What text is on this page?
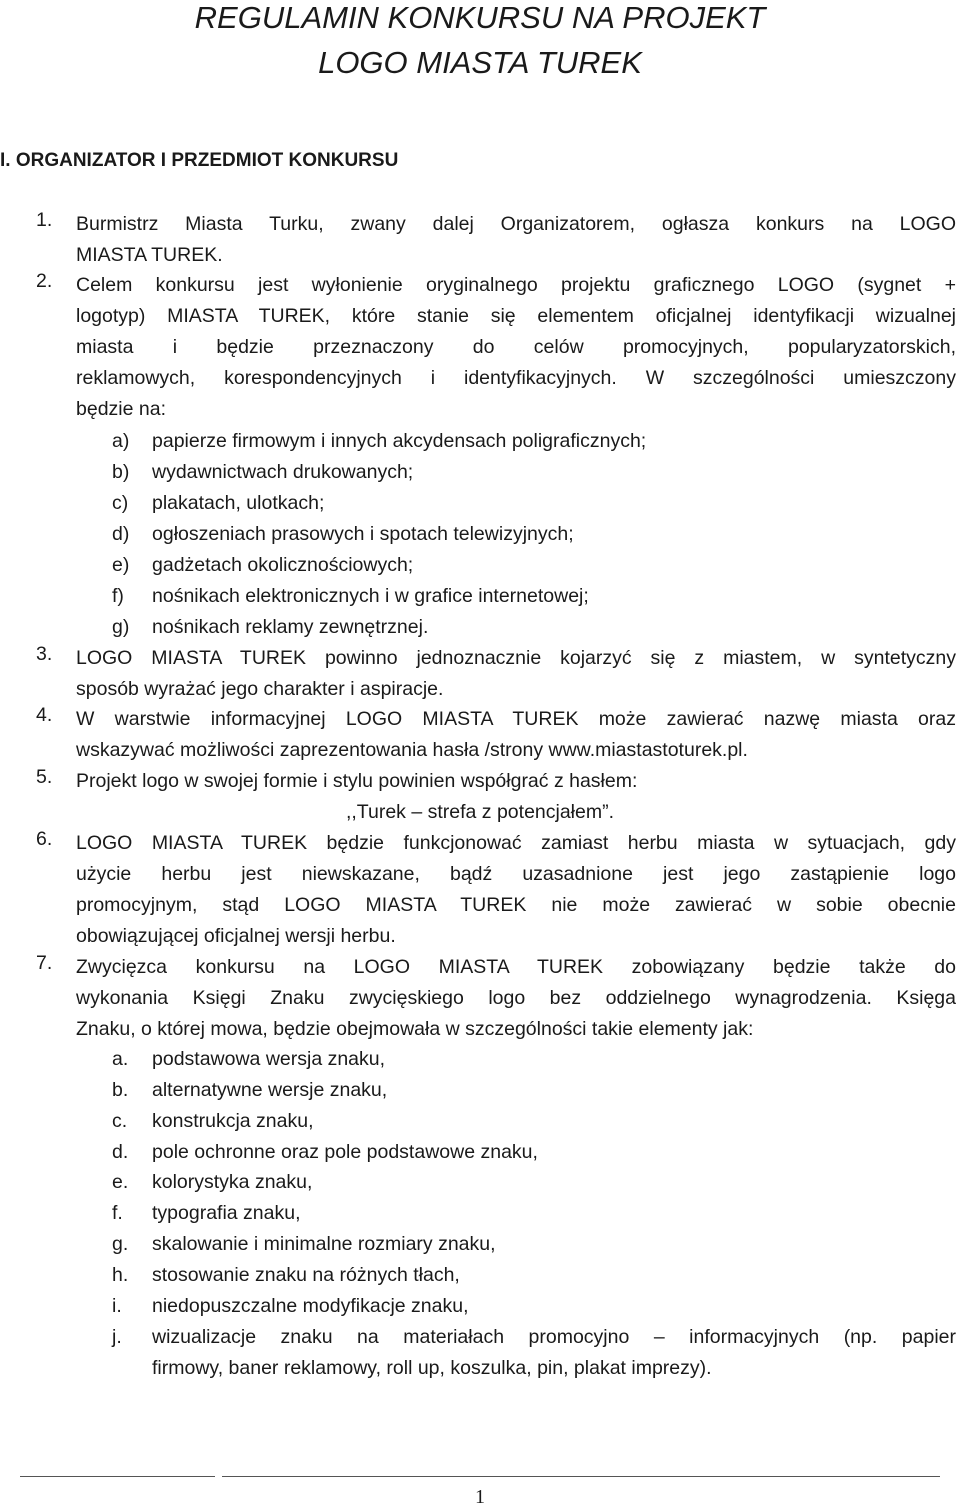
REGULAMIN KONKURSU NA PROJEKT
LOGO MIASTA TUREK
I. ORGANIZATOR I PRZEDMIOT KONKURSU
1. Burmistrz Miasta Turku, zwany dalej Organizatorem, ogłasza konkurs na LOGO
MIASTA TUREK.
2. Celem konkursu jest wyłonienie oryginalnego projektu graficznego LOGO (sygnet +
logotyp) MIASTA TUREK, które stanie się elementem oficjalnej identyfikacji wizualnej
miasta i będzie przeznaczony do celów promocyjnych, popularyzatorskich,
reklamowych, korespondencyjnych i identyfikacyjnych. W szczególności umieszczony
będzie na:
a) papierze firmowym i innych akcydensach poligraficznych;
b) wydawnictwach drukowanych;
c) plakatach, ulotkach;
d) ogłoszeniach prasowych i spotach telewizyjnych;
e) gadżetach okolicznościowych;
f) nośnikach elektronicznych i w grafice internetowej;
g) nośnikach reklamy zewnętrznej.
3. LOGO MIASTA TUREK powinno jednoznacznie kojarzyć się z miastem, w syntetyczny
sposób wyrażać jego charakter i aspiracje.
4. W warstwie informacyjnej LOGO MIASTA TUREK może zawierać nazwę miasta oraz
wskazywać możliwości zaprezentowania hasła /strony www.miastastoturek.pl.
5. Projekt logo w swojej formie i stylu powinien współgrać z hasłem:
,,Turek – strefa z potencjałem”.
6. LOGO MIASTA TUREK będzie funkcjonować zamiast herbu miasta w sytuacjach, gdy
użycie herbu jest niewskazane, bądź uzasadnione jest jego zastąpienie logo
promocyjnym, stąd LOGO MIASTA TUREK nie może zawierać w sobie obecnie
obowiązującej oficjalnej wersji herbu.
7. Zwycięzca konkursu na LOGO MIASTA TUREK zobowiązany będzie także do
wykonania Księgi Znaku zwycięskiego logo bez oddzielnego wynagrodzenia. Księga
Znaku, o której mowa, będzie obejmowała w szczególności takie elementy jak:
a. podstawowa wersja znaku,
b. alternatywne wersje znaku,
c. konstrukcja znaku,
d. pole ochronne oraz pole podstawowe znaku,
e. kolorystyka znaku,
f. typografia znaku,
g. skalowanie i minimalne rozmiary znaku,
h. stosowanie znaku na różnych tłach,
i. niedopuszczalne modyfikacje znaku,
j. wizualizacje znaku na materiałach promocyjno – informacyjnych (np. papier
firmowy, baner reklamowy, roll up, koszulka, pin, plakat imprezy).
1
